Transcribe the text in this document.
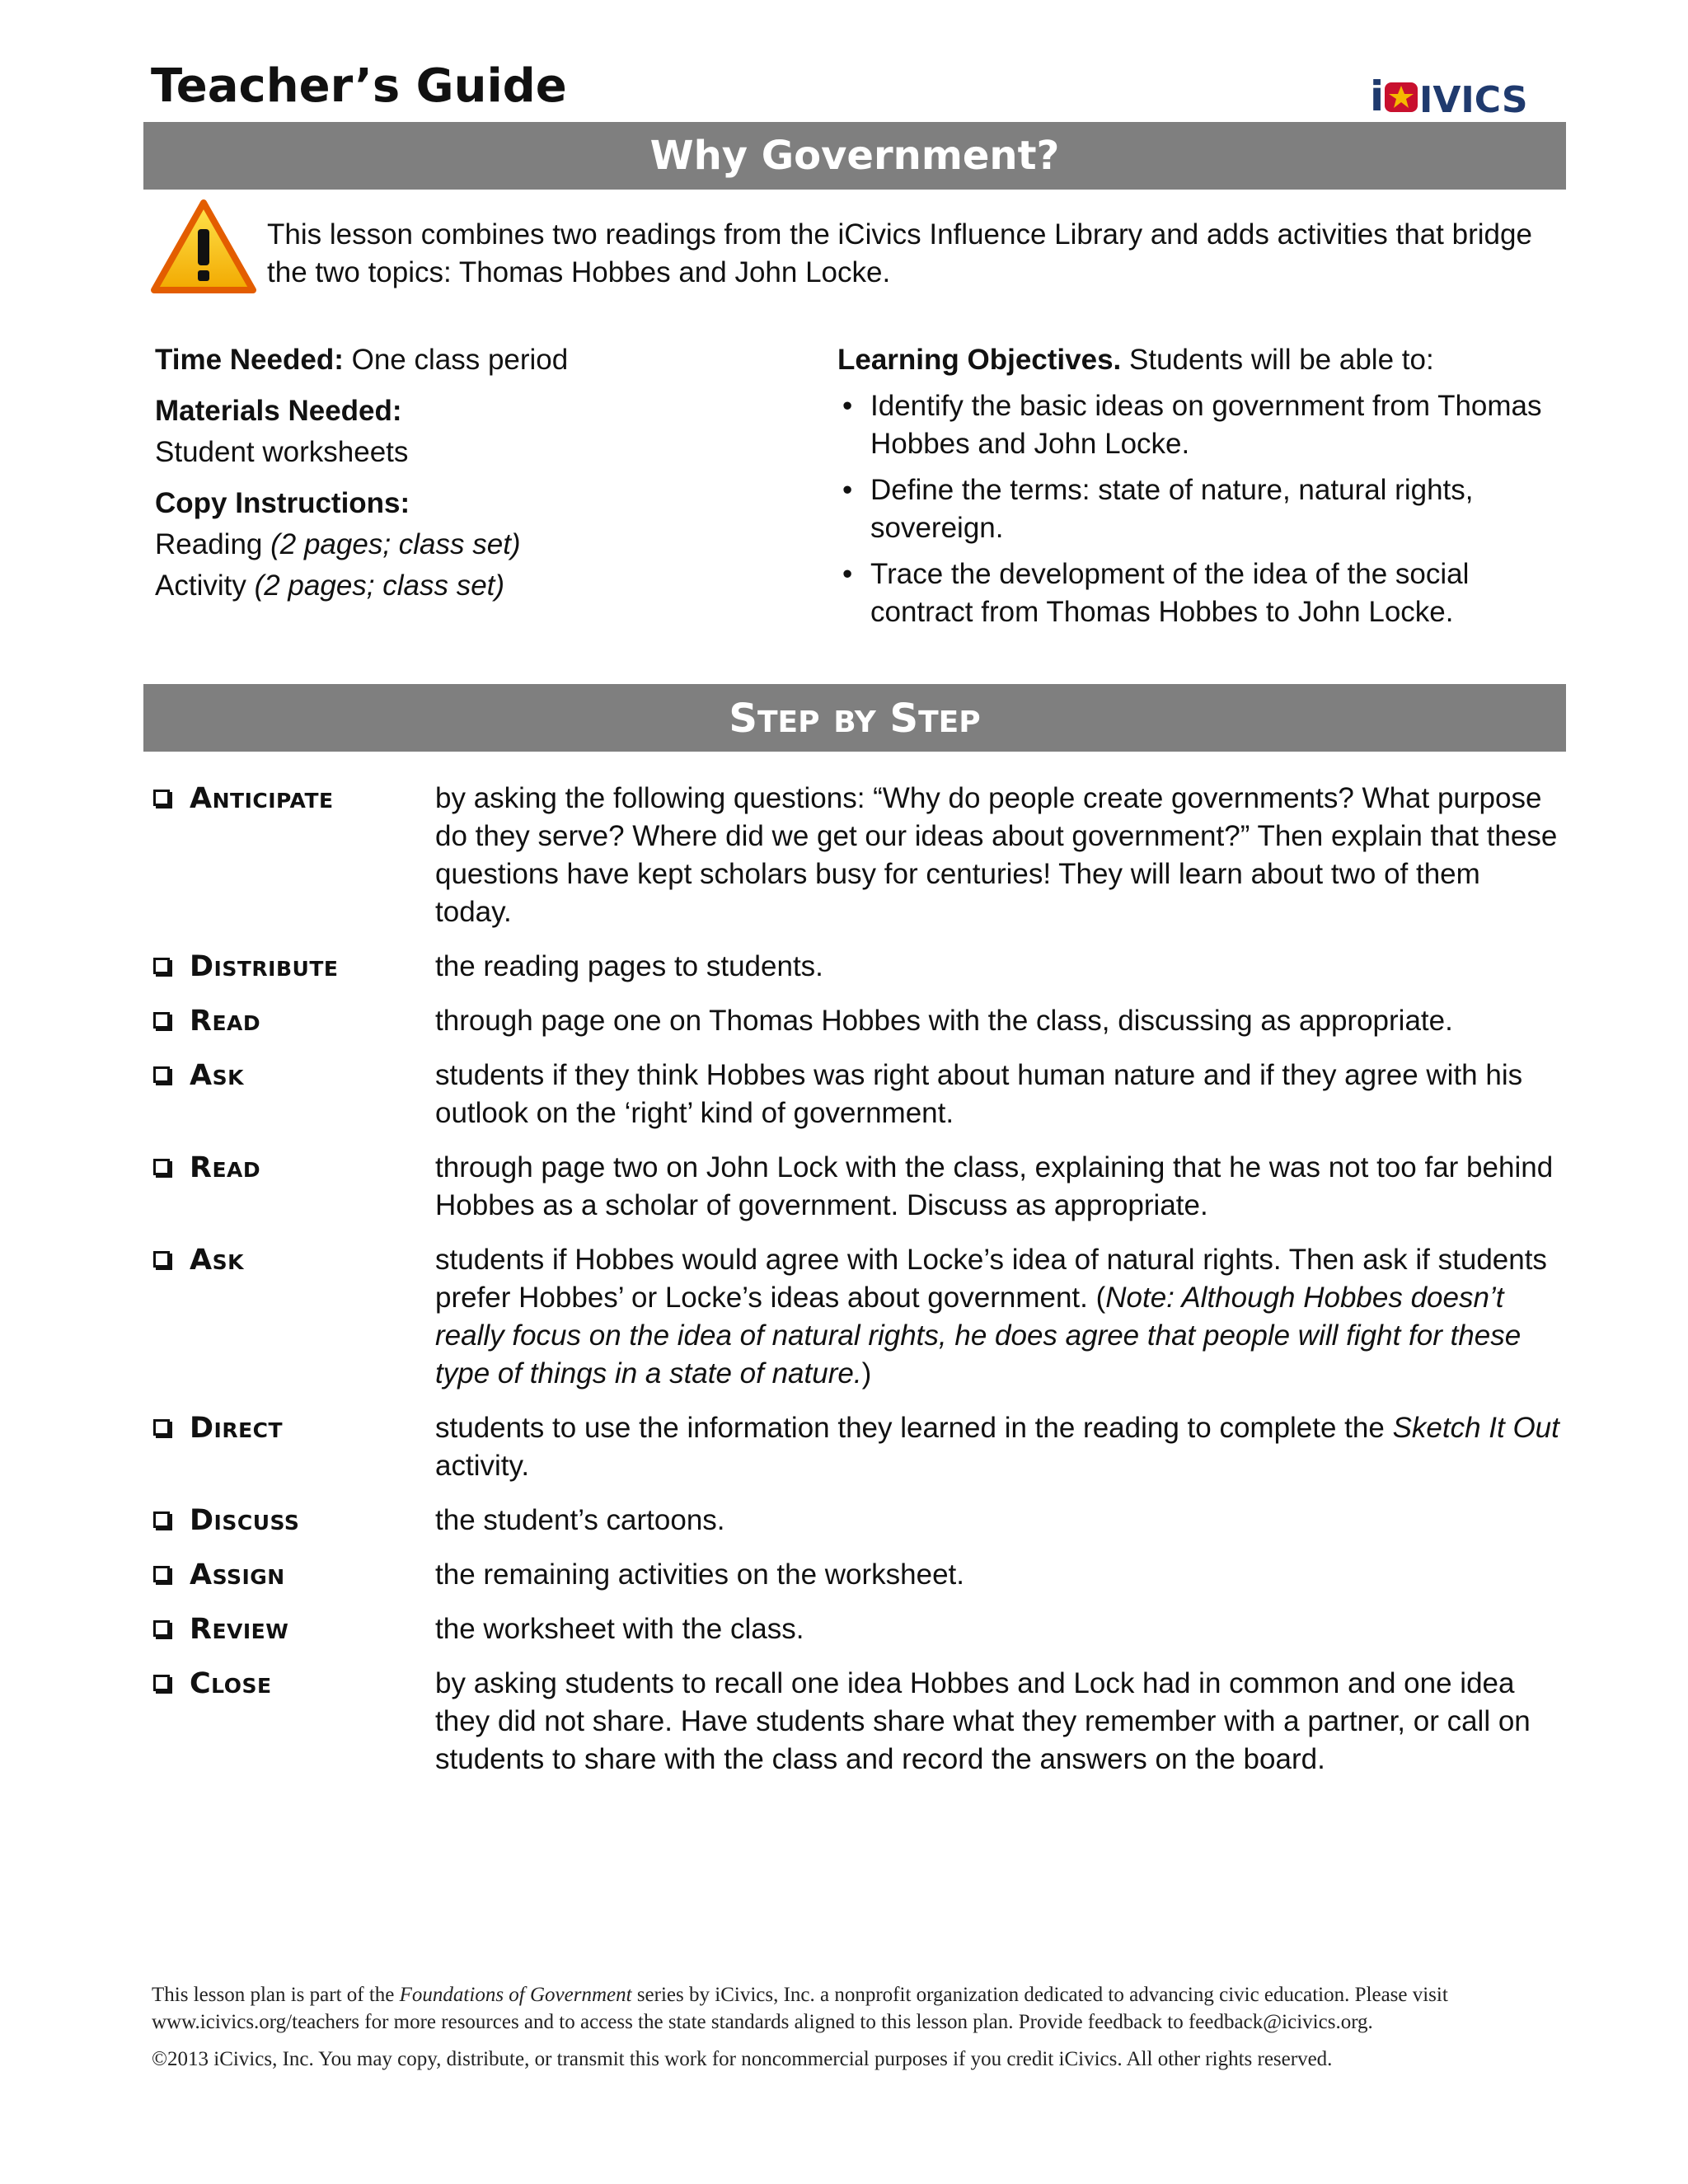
Teacher’s Guide	i IVICS
Why Government?
This lesson combines two readings from the iCivics Influence Library and adds activities that bridge the two topics: Thomas Hobbes and John Locke.
Time Needed: One class period
Materials Needed:
Student worksheets
Copy Instructions:
Reading (2 pages; class set)
Activity (2 pages; class set)
Learning Objectives. Students will be able to:
• Identify the basic ideas on government from Thomas Hobbes and John Locke.
• Define the terms: state of nature, natural rights, sovereign.
• Trace the development of the idea of the social contract from Thomas Hobbes to John Locke.
STEP BY STEP
Anticipate	by asking the following questions: “Why do people create governments? What purpose do they serve? Where did we get our ideas about government?” Then explain that these questions have kept scholars busy for centuries! They will learn about two of them today.
Distribute	the reading pages to students.
Read	through page one on Thomas Hobbes with the class, discussing as appropriate.
Ask	students if they think Hobbes was right about human nature and if they agree with his outlook on the ‘right’ kind of government.
Read	through page two on John Lock with the class, explaining that he was not too far behind Hobbes as a scholar of government. Discuss as appropriate.
Ask	students if Hobbes would agree with Locke’s idea of natural rights. Then ask if students prefer Hobbes’ or Locke’s ideas about government. (Note: Although Hobbes doesn’t really focus on the idea of natural rights, he does agree that people will fight for these type of things in a state of nature.)
Direct	students to use the information they learned in the reading to complete the Sketch It Out activity.
Discuss	the student’s cartoons.
Assign	the remaining activities on the worksheet.
Review	the worksheet with the class.
Close	by asking students to recall one idea Hobbes and Lock had in common and one idea they did not share. Have students share what they remember with a partner, or call on students to share with the class and record the answers on the board.
This lesson plan is part of the Foundations of Government series by iCivics, Inc. a nonprofit organization dedicated to advancing civic education. Please visit www.icivics.org/teachers for more resources and to access the state standards aligned to this lesson plan. Provide feedback to feedback@icivics.org.
©2013 iCivics, Inc. You may copy, distribute, or transmit this work for noncommercial purposes if you credit iCivics. All other rights reserved.
